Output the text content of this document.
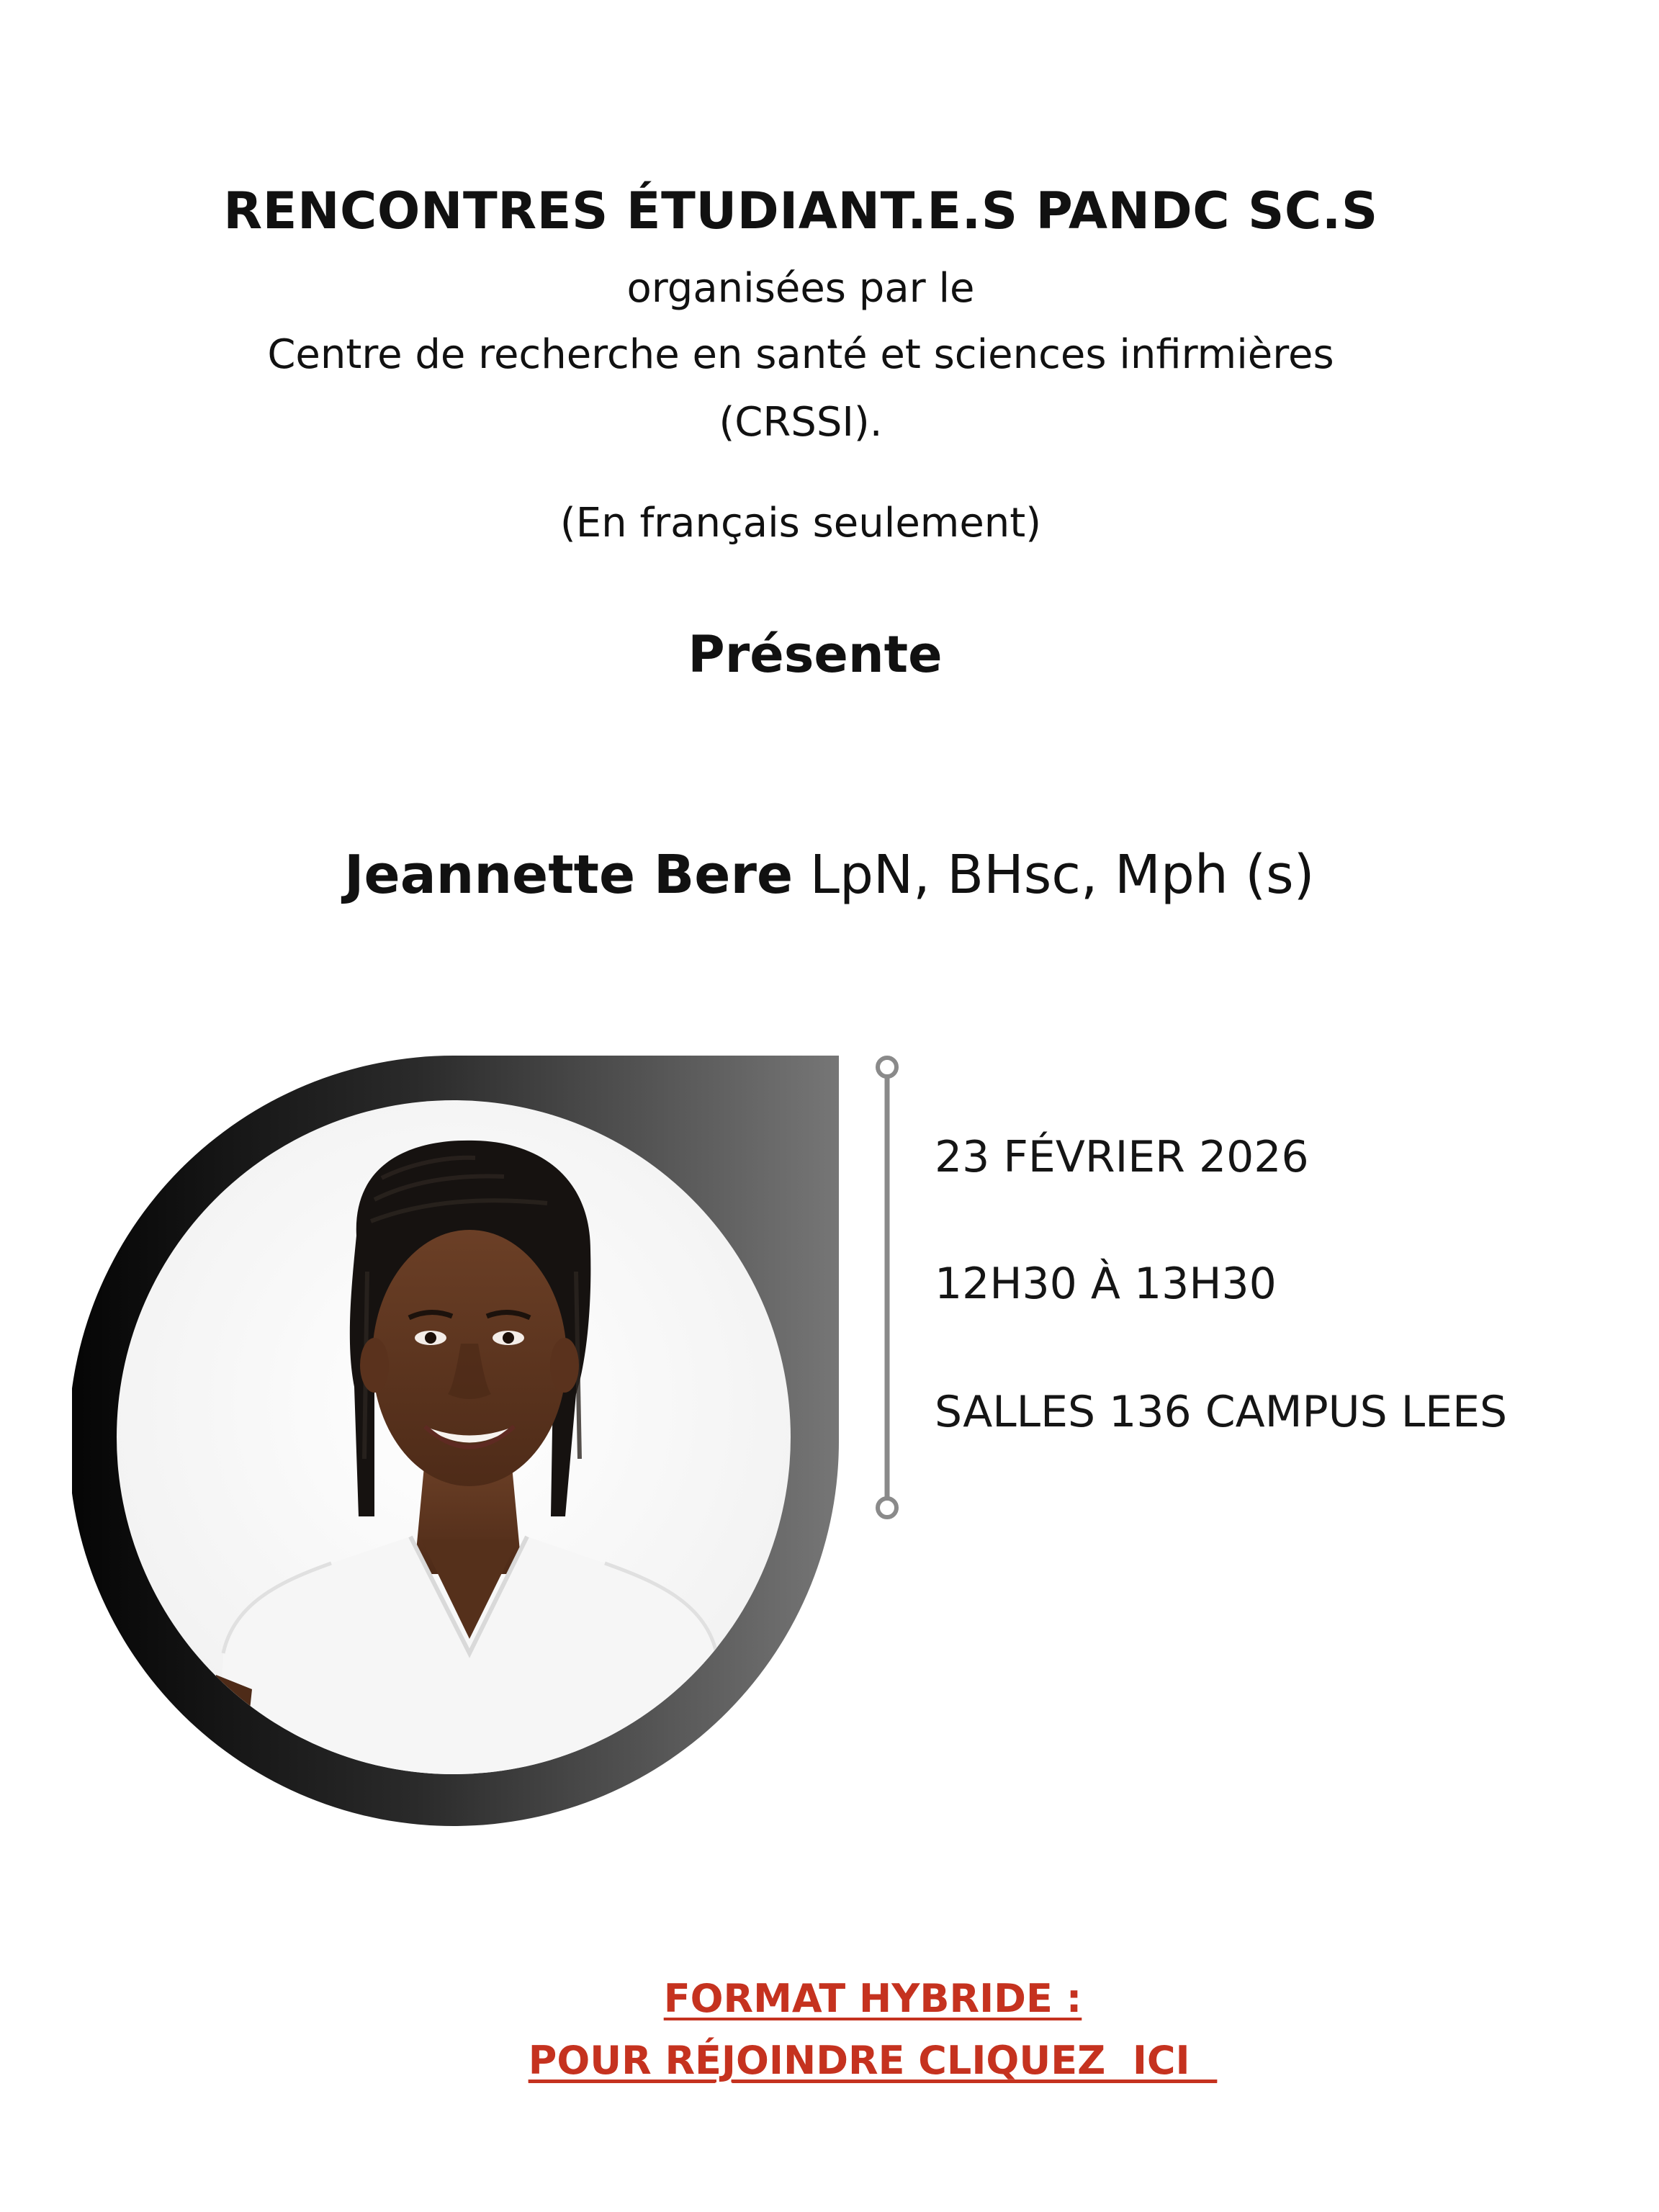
RENCONTRES ÉTUDIANT.E.S PANDC SC.S
organisées par le
Centre de recherche en santé et sciences infirmières
(CRSSI).
(En français seulement)
Présente
Jeannette Bere LpN, BHsc, Mph (s)
23 FÉVRIER 2026
12H30 À 13H30
SALLES 136 CAMPUS LEES
FORMAT HYBRIDE :
POUR RÉJOINDRE CLIQUEZ  ICI
